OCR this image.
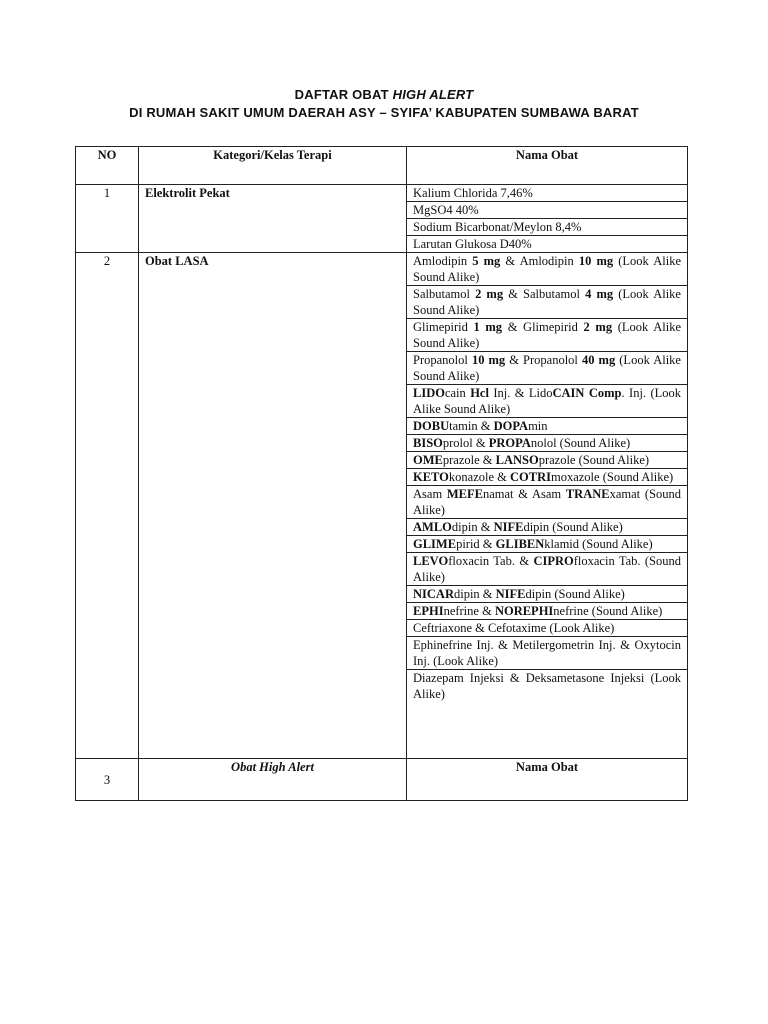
DAFTAR OBAT HIGH ALERT
DI RUMAH SAKIT UMUM DAERAH ASY – SYIFA’ KABUPATEN SUMBAWA BARAT
NO	Kategori/Kelas Terapi	Nama Obat
1	Elektrolit Pekat	Kalium Chlorida 7,46%
		MgSO4 40%
		Sodium Bicarbonat/Meylon 8,4%
		Larutan Glukosa D40%
2	Obat LASA	Amlodipin 5 mg & Amlodipin 10 mg (Look Alike Sound Alike)
		Salbutamol 2 mg & Salbutamol 4 mg (Look Alike Sound Alike)
		Glimepirid 1 mg & Glimepirid 2 mg (Look Alike Sound Alike)
		Propanolol 10 mg & Propanolol 40 mg (Look Alike Sound Alike)
		LIDOcain Hcl Inj. & LidoCAIN Comp. Inj. (Look Alike Sound Alike)
		DOBUtamin & DOPAmin
		BISOprolol & PROPAnolol (Sound Alike)
		OMEprazole & LANSOprazole (Sound Alike)
		KETOkonazole & COTRImoxazole (Sound Alike)
		Asam MEFEnamat & Asam TRANExamat (Sound Alike)
		AMLOdipin & NIFEdipin (Sound Alike)
		GLIMEpirid & GLIBENklamid (Sound Alike)
		LEVOfloxacin Tab. & CIPROfloxacin Tab. (Sound Alike)
		NICARdipin & NIFEdipin (Sound Alike)
		EPHInefrine & NOREPHInefrine (Sound Alike)
		Ceftriaxone & Cefotaxime (Look Alike)
		Ephinefrine Inj. & Metilergometrin Inj. & Oxytocin Inj. (Look Alike)
		Diazepam Injeksi & Deksametasone Injeksi (Look Alike)
3	Obat High Alert	Nama Obat
